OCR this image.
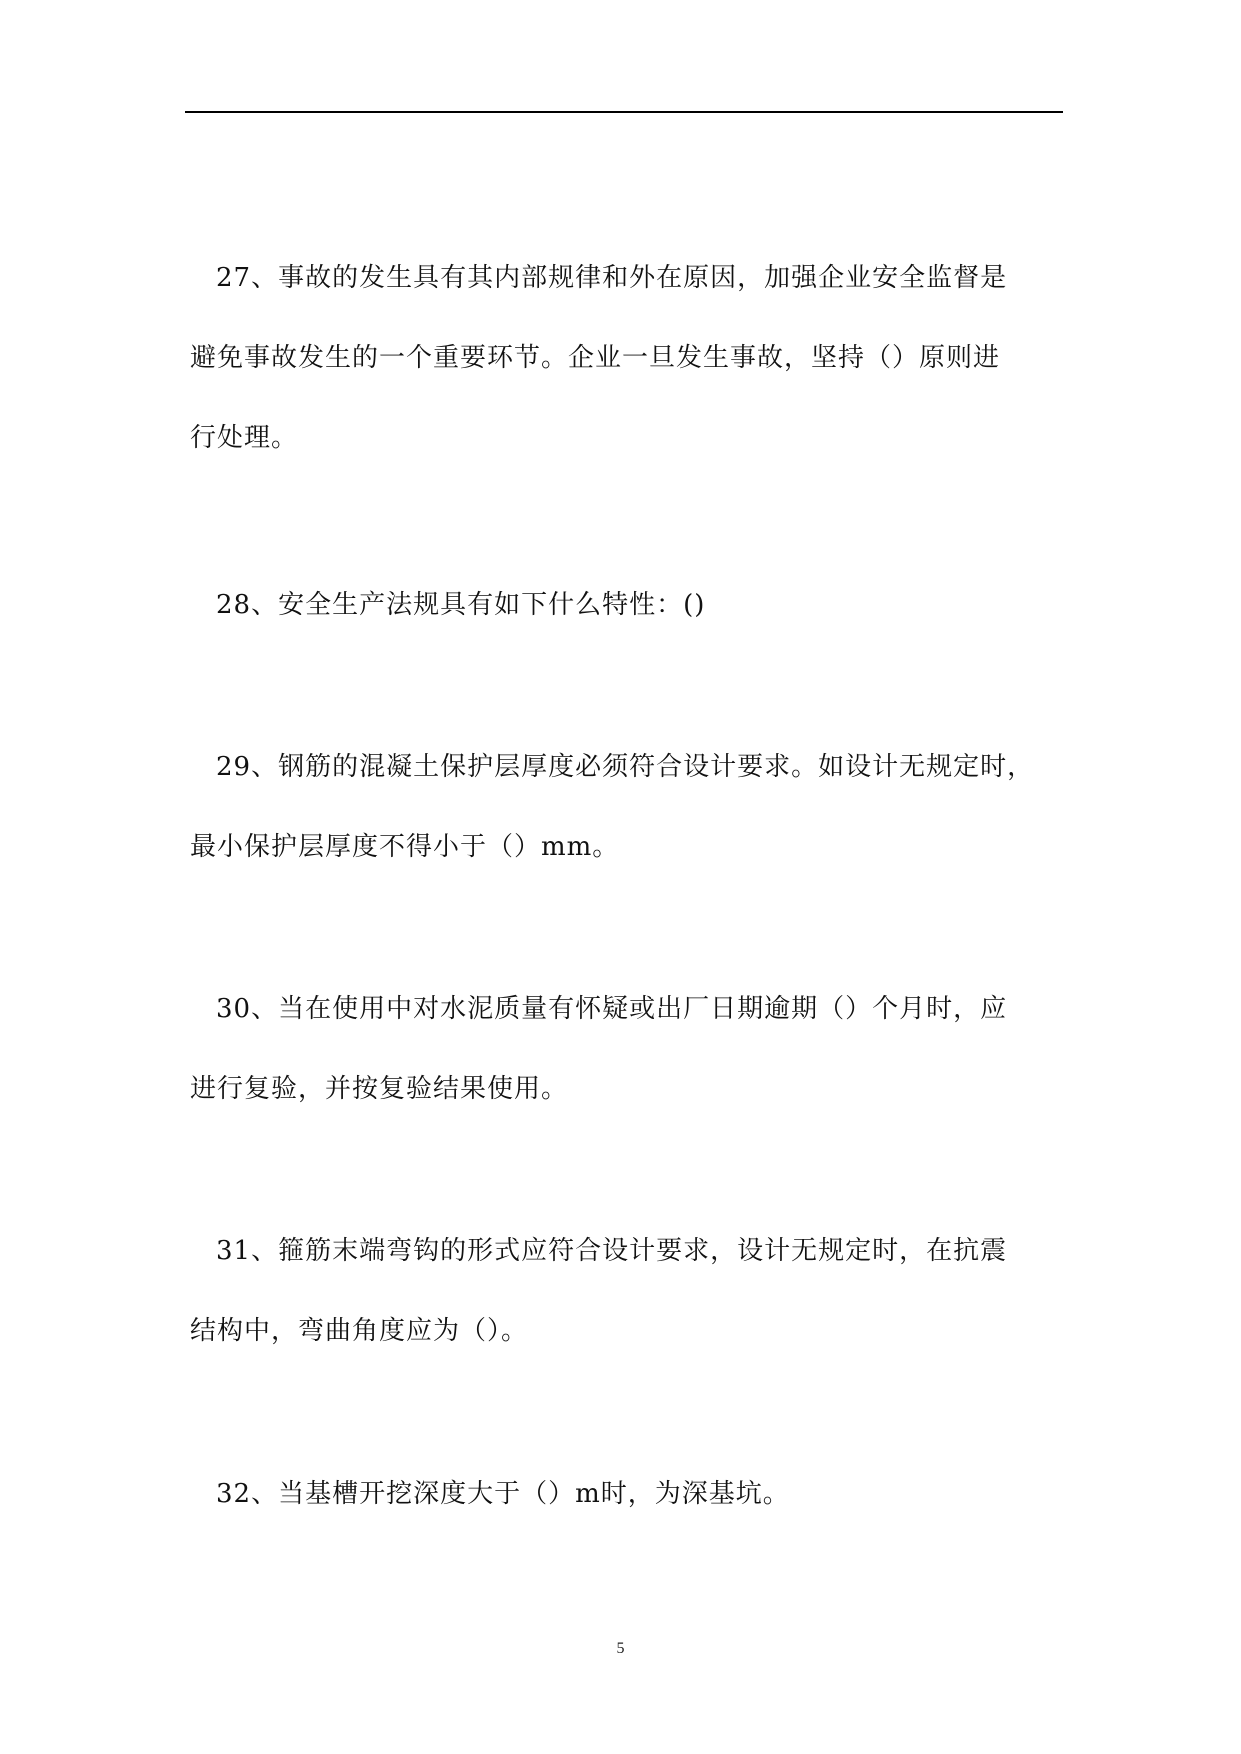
27、事故的发生具有其内部规律和外在原因，加强企业安全监督是
避免事故发生的一个重要环节。企业一旦发生事故，坚持（）原则进
行处理。
28、安全生产法规具有如下什么特性：()
29、钢筋的混凝土保护层厚度必须符合设计要求。如设计无规定时，
最小保护层厚度不得小于（）mm。
30、当在使用中对水泥质量有怀疑或出厂日期逾期（）个月时，应
进行复验，并按复验结果使用。
31、箍筋末端弯钩的形式应符合设计要求，设计无规定时，在抗震
结构中，弯曲角度应为（）。
32、当基槽开挖深度大于（）m时，为深基坑。
5
